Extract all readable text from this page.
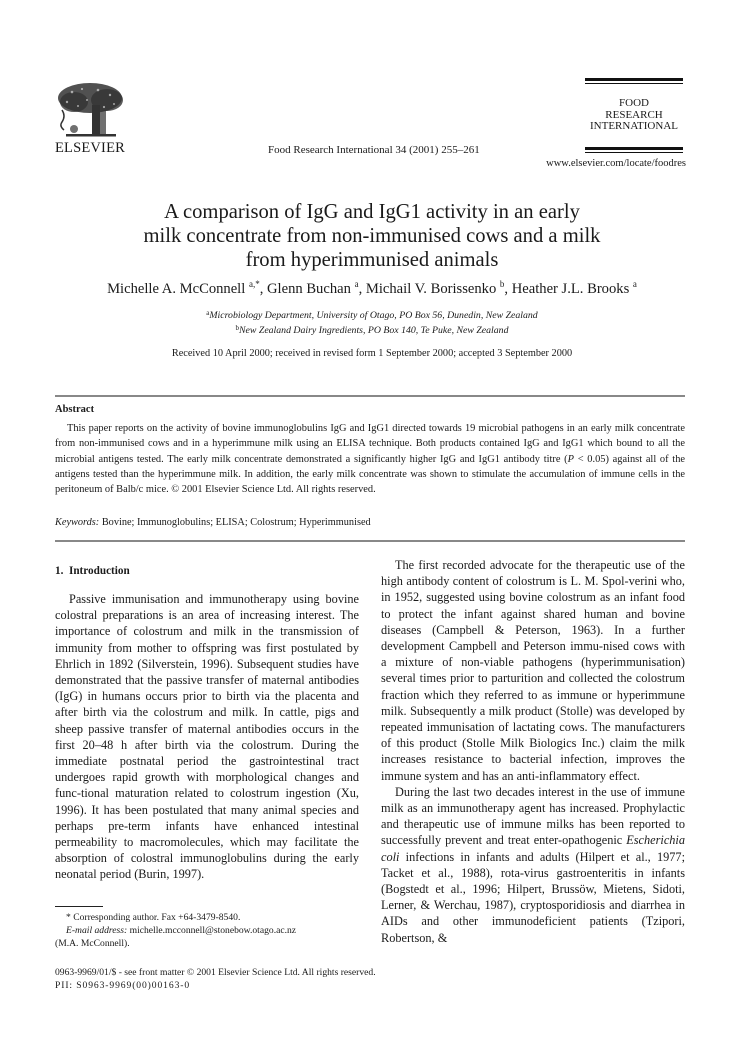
ELSEVIER	Food Research International 34 (2001) 255–261
FOOD
RESEARCH
INTERNATIONAL
www.elsevier.com/locate/foodres
A comparison of IgG and IgG1 activity in an early
milk concentrate from non-immunised cows and a milk
from hyperimmunised animals
Michelle A. McConnell $^{a,*}$, Glenn Buchan $^a$, Michail V. Borissenko $^b$, Heather J.L. Brooks $^a$
$^a$Microbiology Department, University of Otago, PO Box 56, Dunedin, New Zealand
$^b$New Zealand Dairy Ingredients, PO Box 140, Te Puke, New Zealand
Received 10 April 2000; received in revised form 1 September 2000; accepted 3 September 2000
Abstract
This paper reports on the activity of bovine immunoglobulins IgG and IgG1 directed towards 19 microbial pathogens in an early milk concentrate from non-immunised cows and in a hyperimmune milk using an ELISA technique. Both products contained IgG and IgG1 which bound to all the microbial antigens tested. The early milk concentrate demonstrated a significantly higher IgG and IgG1 antibody titre (P < 0.05) against all of the antigens tested than the hyperimmune milk. In addition, the early milk concentrate was shown to stimulate the accumulation of immune cells in the peritoneum of Balb/c mice. © 2001 Elsevier Science Ltd. All rights reserved.
Keywords: Bovine; Immunoglobulins; ELISA; Colostrum; Hyperimmunised
1.  Introduction

Passive immunisation and immunotherapy using bovine colostral preparations is an area of increasing interest. The importance of colostrum and milk in the transmission of immunity from mother to offspring was first postulated by Ehrlich in 1892 (Silverstein, 1996). Subsequent studies have demonstrated that the passive transfer of maternal antibodies (IgG) in humans occurs prior to birth via the placenta and after birth via the colostrum and milk. In cattle, pigs and sheep passive transfer of maternal antibodies occurs in the first 20–48 h after birth via the colostrum. During the immediate postnatal period the gastrointestinal tract undergoes rapid growth with morphological changes and func-tional maturation related to colostrum ingestion (Xu, 1996). It has been postulated that many animal species and perhaps pre-term infants have enhanced intestinal permeability to macromolecules, which may facilitate the absorption of colostral immunoglobulins during the early neonatal period (Burin, 1997).

The first recorded advocate for the therapeutic use of the high antibody content of colostrum is L. M. Spol-verini who, in 1952, suggested using bovine colostrum as an infant food to protect the infant against shared human and bovine diseases (Campbell & Peterson, 1963). In a further development Campbell and Peterson immu-nised cows with a mixture of non-viable pathogens (hyperimmunisation) several times prior to parturition and collected the colostrum fraction which they referred to as immune or hyperimmune milk. Subsequently a milk product (Stolle) was developed by repeated immunisation of lactating cows. The manufacturers of this product (Stolle Milk Biologics Inc.) claim the milk increases resistance to bacterial infection, improves the immune system and has an anti-inflammatory effect.

During the last two decades interest in the use of immune milk as an immunotherapy agent has increased. Prophylactic and therapeutic use of immune milks has been reported to successfully prevent and treat enter-opathogenic Escherichia coli infections in infants and adults (Hilpert et al., 1977; Tacket et al., 1988), rota-virus gastroenteritis in infants (Bogstedt et al., 1996; Hilpert, Brussöw, Mietens, Sidoti, Lerner, & Werchau, 1987), cryptosporidiosis and diarrhea in AIDs and other immunodeficient patients (Tzipori, Robertson, &

* Corresponding author. Fax +64-3479-8540.
E-mail address: michelle.mcconnell@stonebow.otago.ac.nz
(M.A. McConnell).
0963-9969/01/$ - see front matter © 2001 Elsevier Science Ltd. All rights reserved.
PII: S0963-9969(00)00163-0
